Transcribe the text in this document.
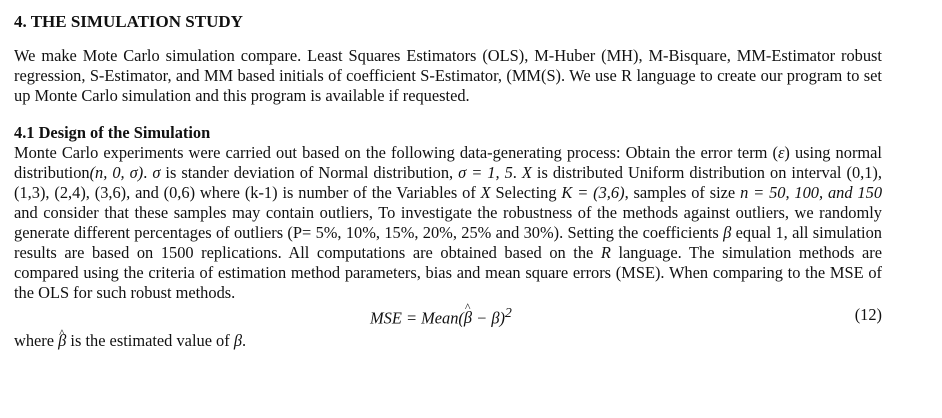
4. THE SIMULATION STUDY

We make Mote Carlo simulation compare. Least Squares Estimators (OLS), M-Huber (MH), M-Bisquare, MM-Estimator robust regression, S-Estimator, and MM based initials of coefficient S-Estimator, (MM(S). We use R language to create our program to set up Monte Carlo simulation and this program is available if requested.

4.1 Design of the Simulation

Monte Carlo experiments were carried out based on the following data-generating process: Obtain the error term (ε) using normal distribution(n, 0, σ). σ is stander deviation of Normal distribution, σ = 1, 5. X is distributed Uniform distribution on interval (0,1), (1,3), (2,4), (3,6), and (0,6) where (k-1) is number of the Variables of X Selecting K = (3,6), samples of size n = 50, 100, and 150 and consider that these samples may contain outliers, To investigate the robustness of the methods against outliers, we randomly generate different percentages of outliers (P= 5%, 10%, 15%, 20%, 25% and 30%). Setting the coefficients β equal 1, all simulation results are based on 1500 replications. All computations are obtained based on the R language. The simulation methods are compared using the criteria of estimation method parameters, bias and mean square errors (MSE). When comparing to the MSE of the OLS for such robust methods.

MSE = Mean(β ^ − β)$^2$	(12)
where β ^ is the estimated value of β.
